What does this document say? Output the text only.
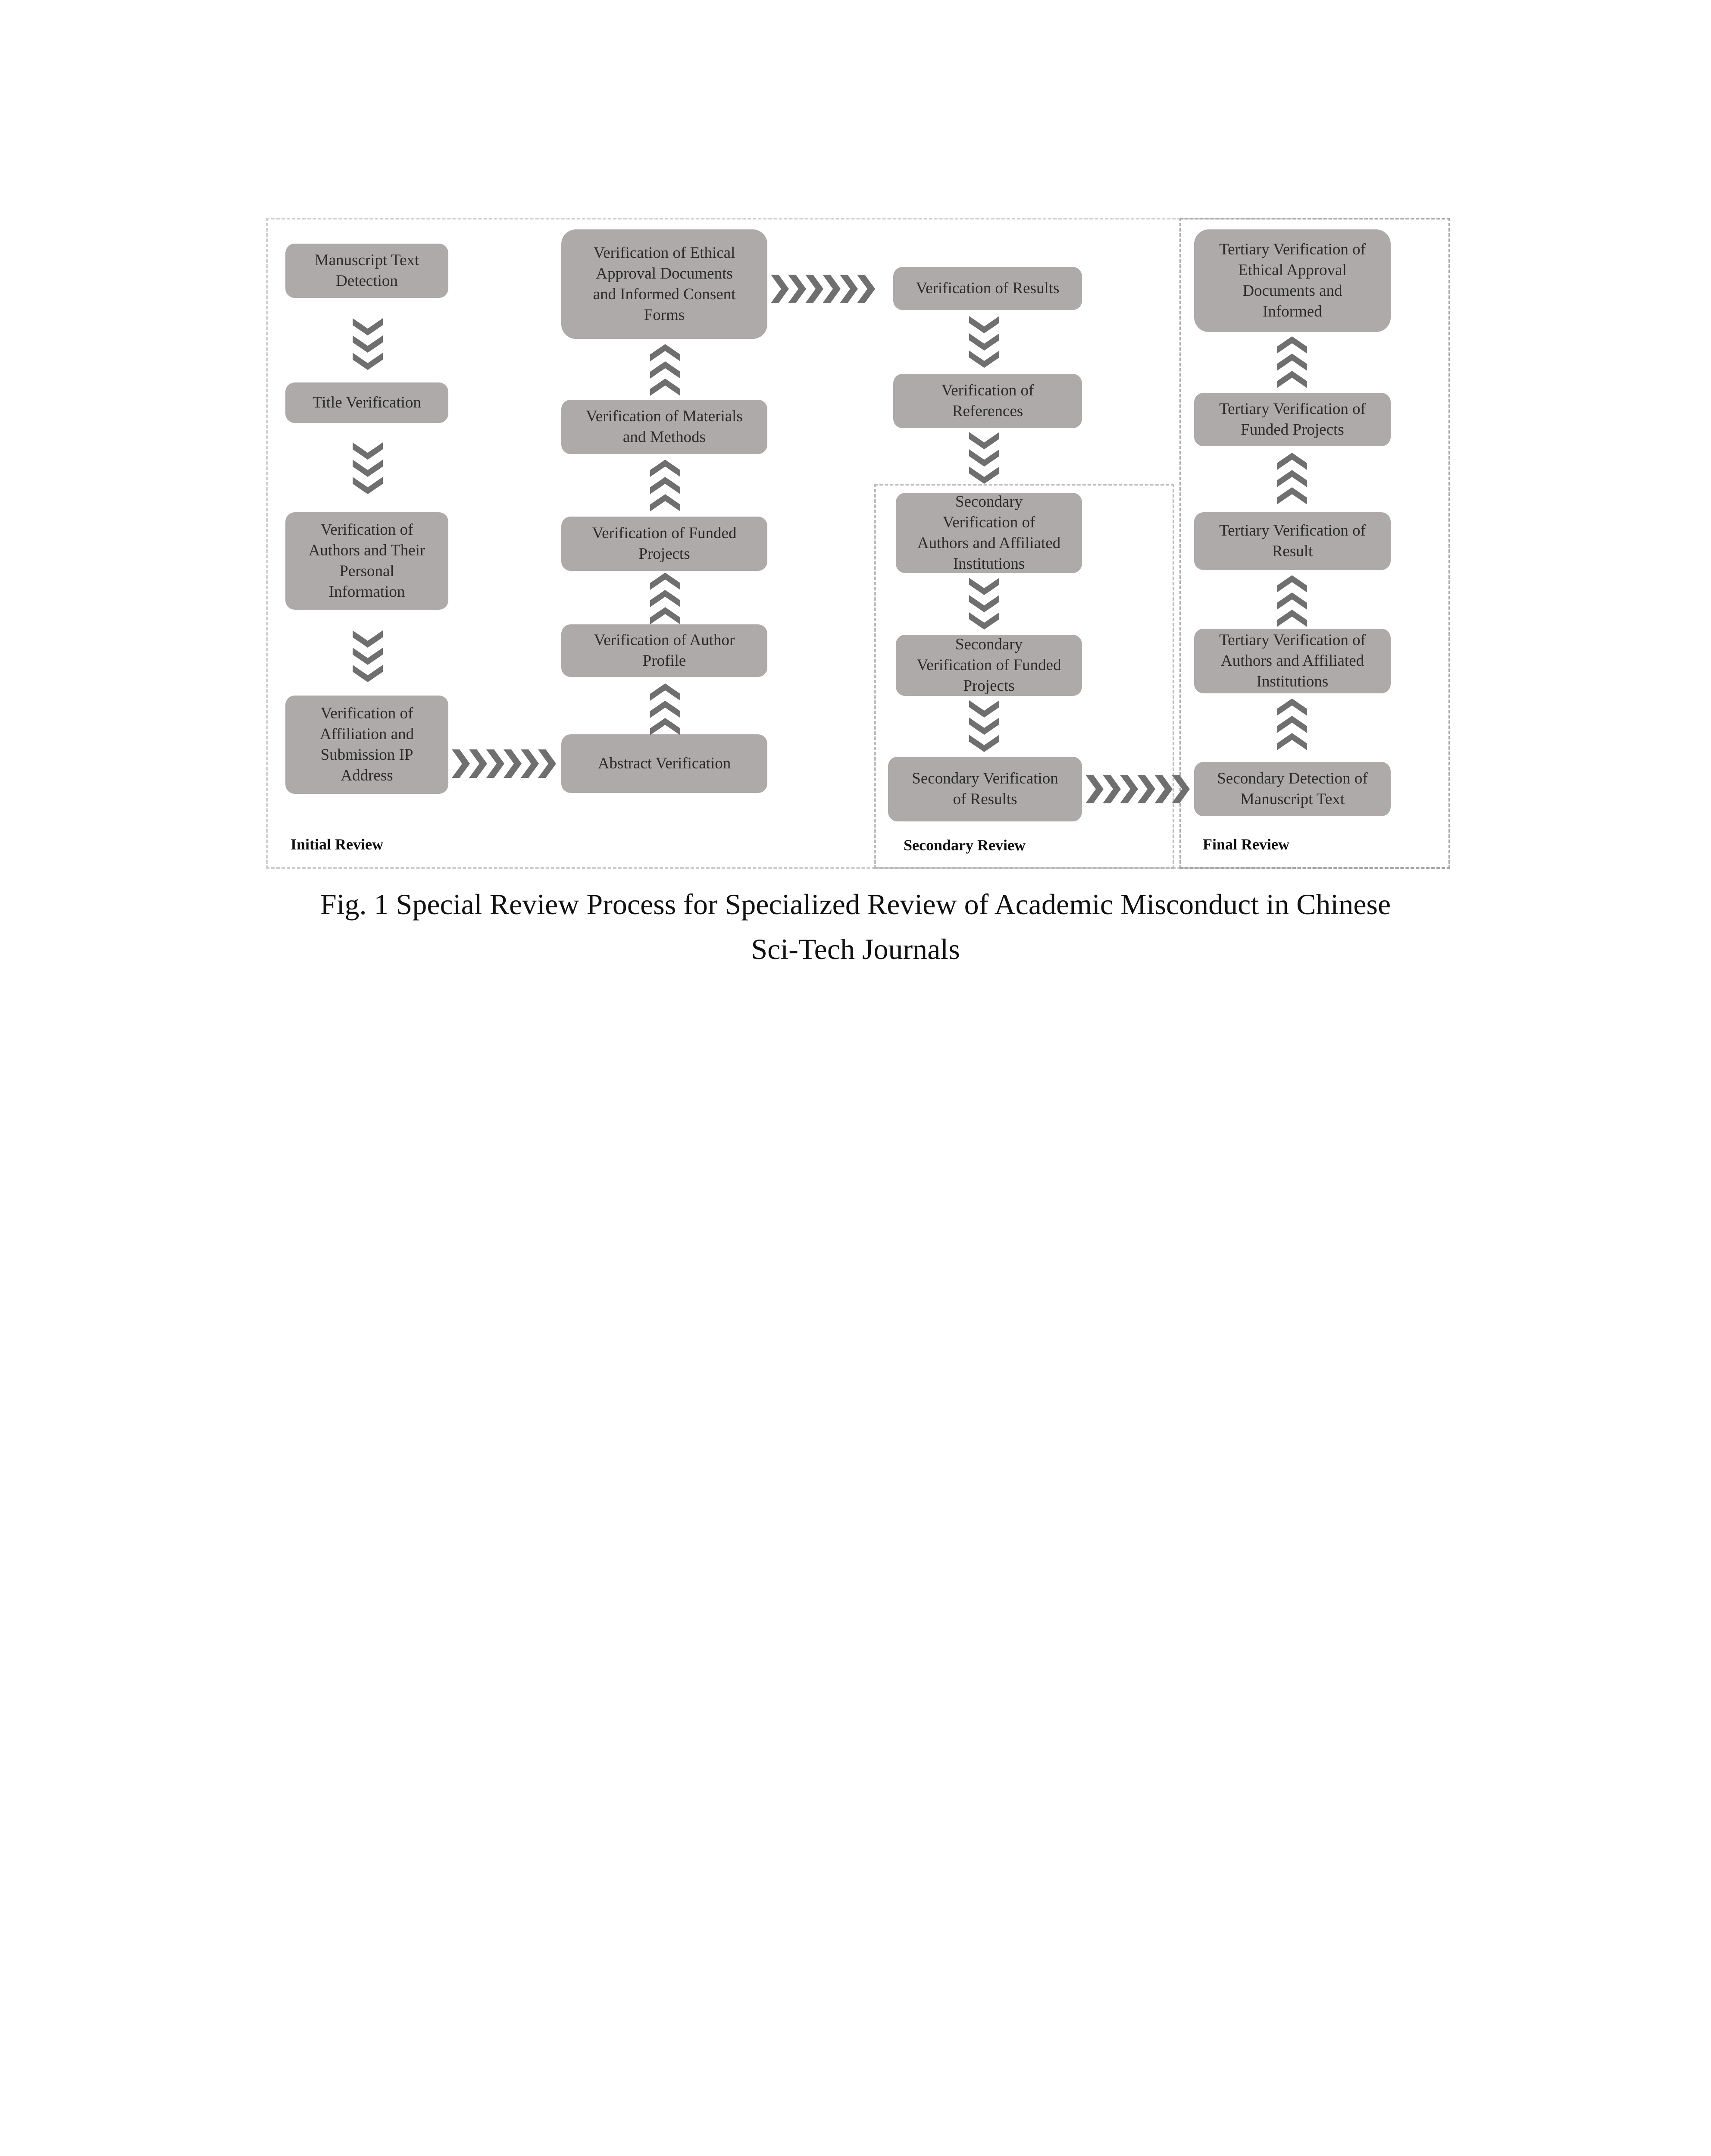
Manuscript Text
Detection
Title Verification
Verification of
Authors and Their
Personal
Information
Verification of
Affiliation and
Submission IP
Address
Abstract Verification
Verification of Author
Profile
Verification of Funded
Projects
Verification of Materials
and Methods
Verification of Ethical
Approval Documents
and Informed Consent
Forms
Verification of Results
Verification of
References
Secondary
Verification of
Authors and Affiliated
Institutions
Secondary
Verification of Funded
Projects
Secondary Verification
of Results
Secondary Detection of
Manuscript Text
Tertiary Verification of
Authors and Affiliated
Institutions
Tertiary Verification of
Result
Tertiary Verification of
Funded Projects
Tertiary Verification of
Ethical Approval
Documents and
Informed
Initial Review	Secondary Review	Final Review
Fig. 1 Special Review Process for Specialized Review of Academic Misconduct in Chinese
Sci-Tech Journals
